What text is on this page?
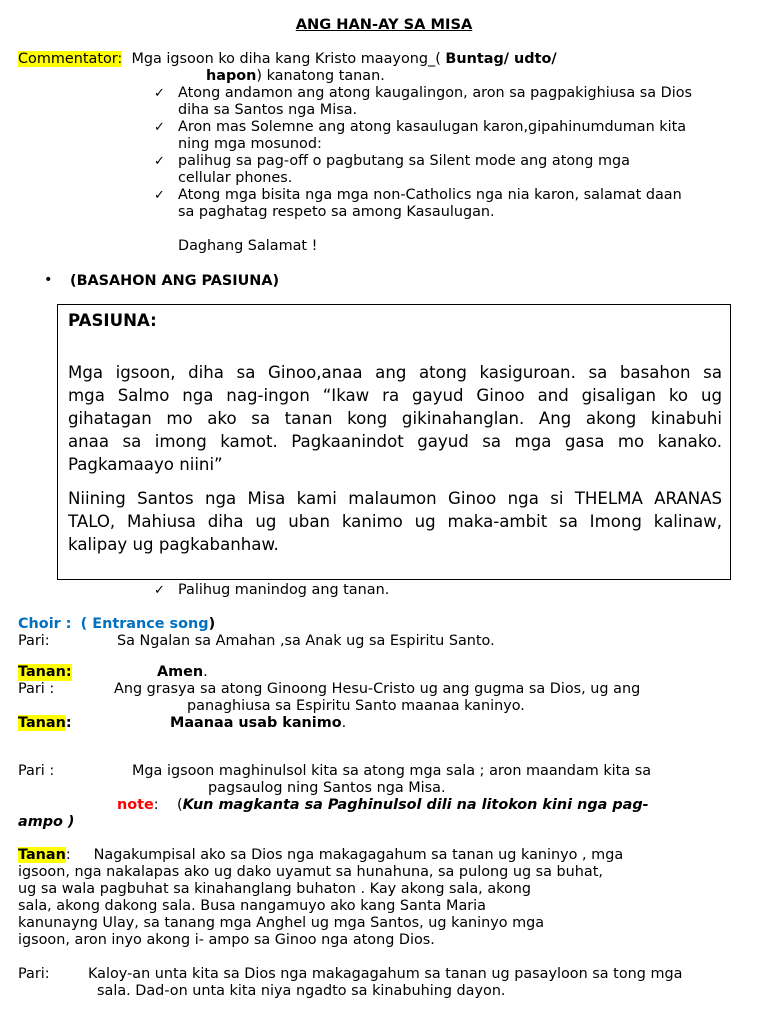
ANG HAN-AY SA MISA
Commentator: Mga igsoon ko diha kang Kristo maayong_( Buntag/ udto/
hapon) kanatong tanan.
✓ Atong andamon ang atong kaugalingon, aron sa pagpakighiusa sa Dios
diha sa Santos nga Misa.
✓ Aron mas Solemne ang atong kasaulugan karon,gipahinumduman kita
ning mga mosunod:
✓ palihug sa pag-off o pagbutang sa Silent mode ang atong mga
cellular phones.
✓ Atong mga bisita nga mga non-Catholics nga nia karon, salamat daan
sa paghatag respeto sa among Kasaulugan.
Daghang Salamat !
• (BASAHON ANG PASIUNA)
PASIUNA:
Mga igsoon, diha sa Ginoo,anaa ang atong kasiguroan. sa basahon sa
mga Salmo nga nag-ingon “Ikaw ra gayud Ginoo and gisaligan ko ug
gihatagan mo ako sa tanan kong gikinahanglan. Ang akong kinabuhi
anaa sa imong kamot. Pagkaanindot gayud sa mga gasa mo kanako.
Pagkamaayo niini”
Niining Santos nga Misa kami malaumon Ginoo nga si THELMA ARANAS
TALO, Mahiusa diha ug uban kanimo ug maka-ambit sa Imong kalinaw,
kalipay ug pagkabanhaw.
✓ Palihug manindog ang tanan.
Choir : ( Entrance song)
Pari:	Sa Ngalan sa Amahan ,sa Anak ug sa Espiritu Santo.
Tanan:	Amen.
Pari :	Ang grasya sa atong Ginoong Hesu-Cristo ug ang gugma sa Dios, ug ang
panaghiusa sa Espiritu Santo maanaa kaninyo.
Tanan:	Maanaa usab kanimo.
Pari :	Mga igsoon maghinulsol kita sa atong mga sala ; aron maandam kita sa
pagsaulog ning Santos nga Misa.
note: (Kun magkanta sa Paghinulsol dili na litokon kini nga pag-
ampo )
Tanan: Nagakumpisal ako sa Dios nga makagagahum sa tanan ug kaninyo , mga
igsoon, nga nakalapas ako ug dako uyamut sa hunahuna, sa pulong ug sa buhat,
ug sa wala pagbuhat sa kinahanglang buhaton . Kay akong sala, akong
sala, akong dakong sala. Busa nangamuyo ako kang Santa Maria
kanunayng Ulay, sa tanang mga Anghel ug mga Santos, ug kaninyo mga
igsoon, aron inyo akong i- ampo sa Ginoo nga atong Dios.
Pari:	Kaloy-an unta kita sa Dios nga makagagahum sa tanan ug pasayloon sa tong mga
sala. Dad-on unta kita niya ngadto sa kinabuhing dayon.
